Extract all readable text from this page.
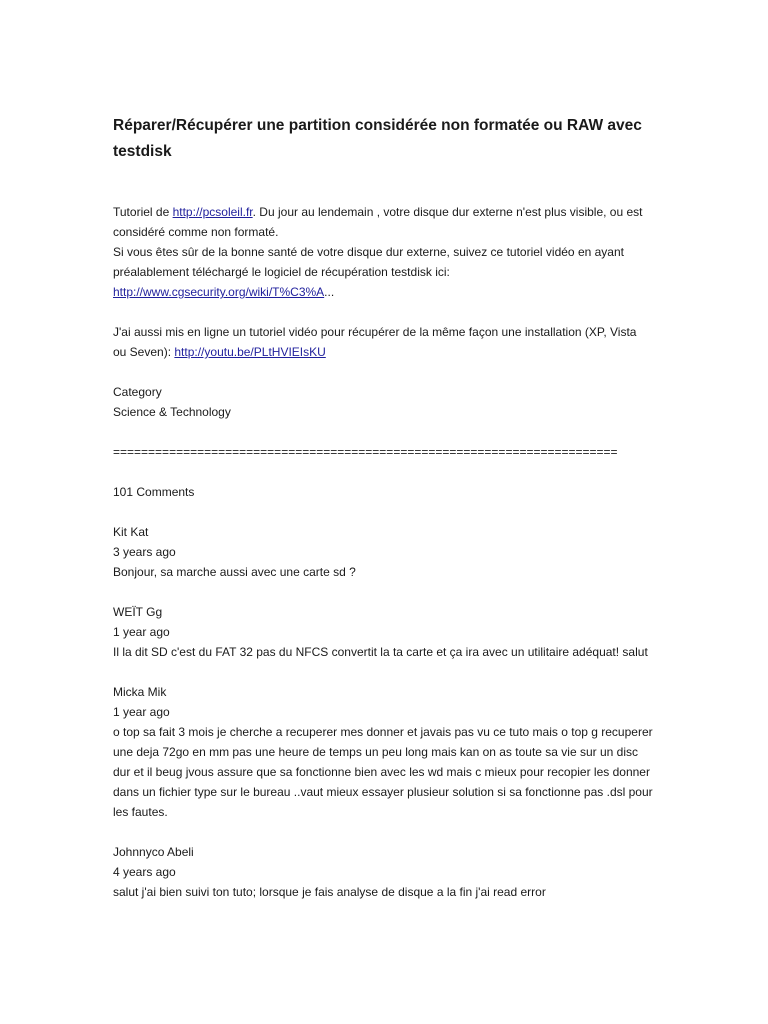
Réparer/Récupérer une partition considérée non formatée ou RAW avec testdisk

Tutoriel de http://pcsoleil.fr. Du jour au lendemain , votre disque dur externe n'est plus visible, ou est considéré comme non formaté.

Si vous êtes sûr de la bonne santé de votre disque dur externe, suivez ce tutoriel vidéo en ayant préalablement téléchargé le logiciel de récupération testdisk ici:

http://www.cgsecurity.org/wiki/T%C3%A...

J'ai aussi mis en ligne un tutoriel vidéo pour récupérer de la même façon une installation (XP, Vista ou Seven): http://youtu.be/PLtHVIEIsKU

Category

Science & Technology

========================================================================

101 Comments

Kit Kat

3 years ago

Bonjour, sa marche aussi avec une carte sd ?

WEÏT Gg

1 year ago

Il la dit SD c'est du FAT 32 pas du NFCS convertit la ta carte et ça ira avec un utilitaire adéquat! salut

Micka Mik

1 year ago

o top sa fait 3 mois je cherche a recuperer mes donner et javais pas vu ce tuto mais o top g recuperer une deja 72go en mm pas une heure de temps un peu long mais kan on as toute sa vie sur un disc dur et il beug jvous assure que sa fonctionne bien avec les wd mais c mieux pour recopier les donner dans un fichier type sur le bureau ..vaut mieux essayer plusieur solution si sa fonctionne pas .dsl pour les fautes.

Johnnyco Abeli

4 years ago

salut j'ai bien suivi ton tuto; lorsque je fais analyse de disque a la fin j'ai read error
